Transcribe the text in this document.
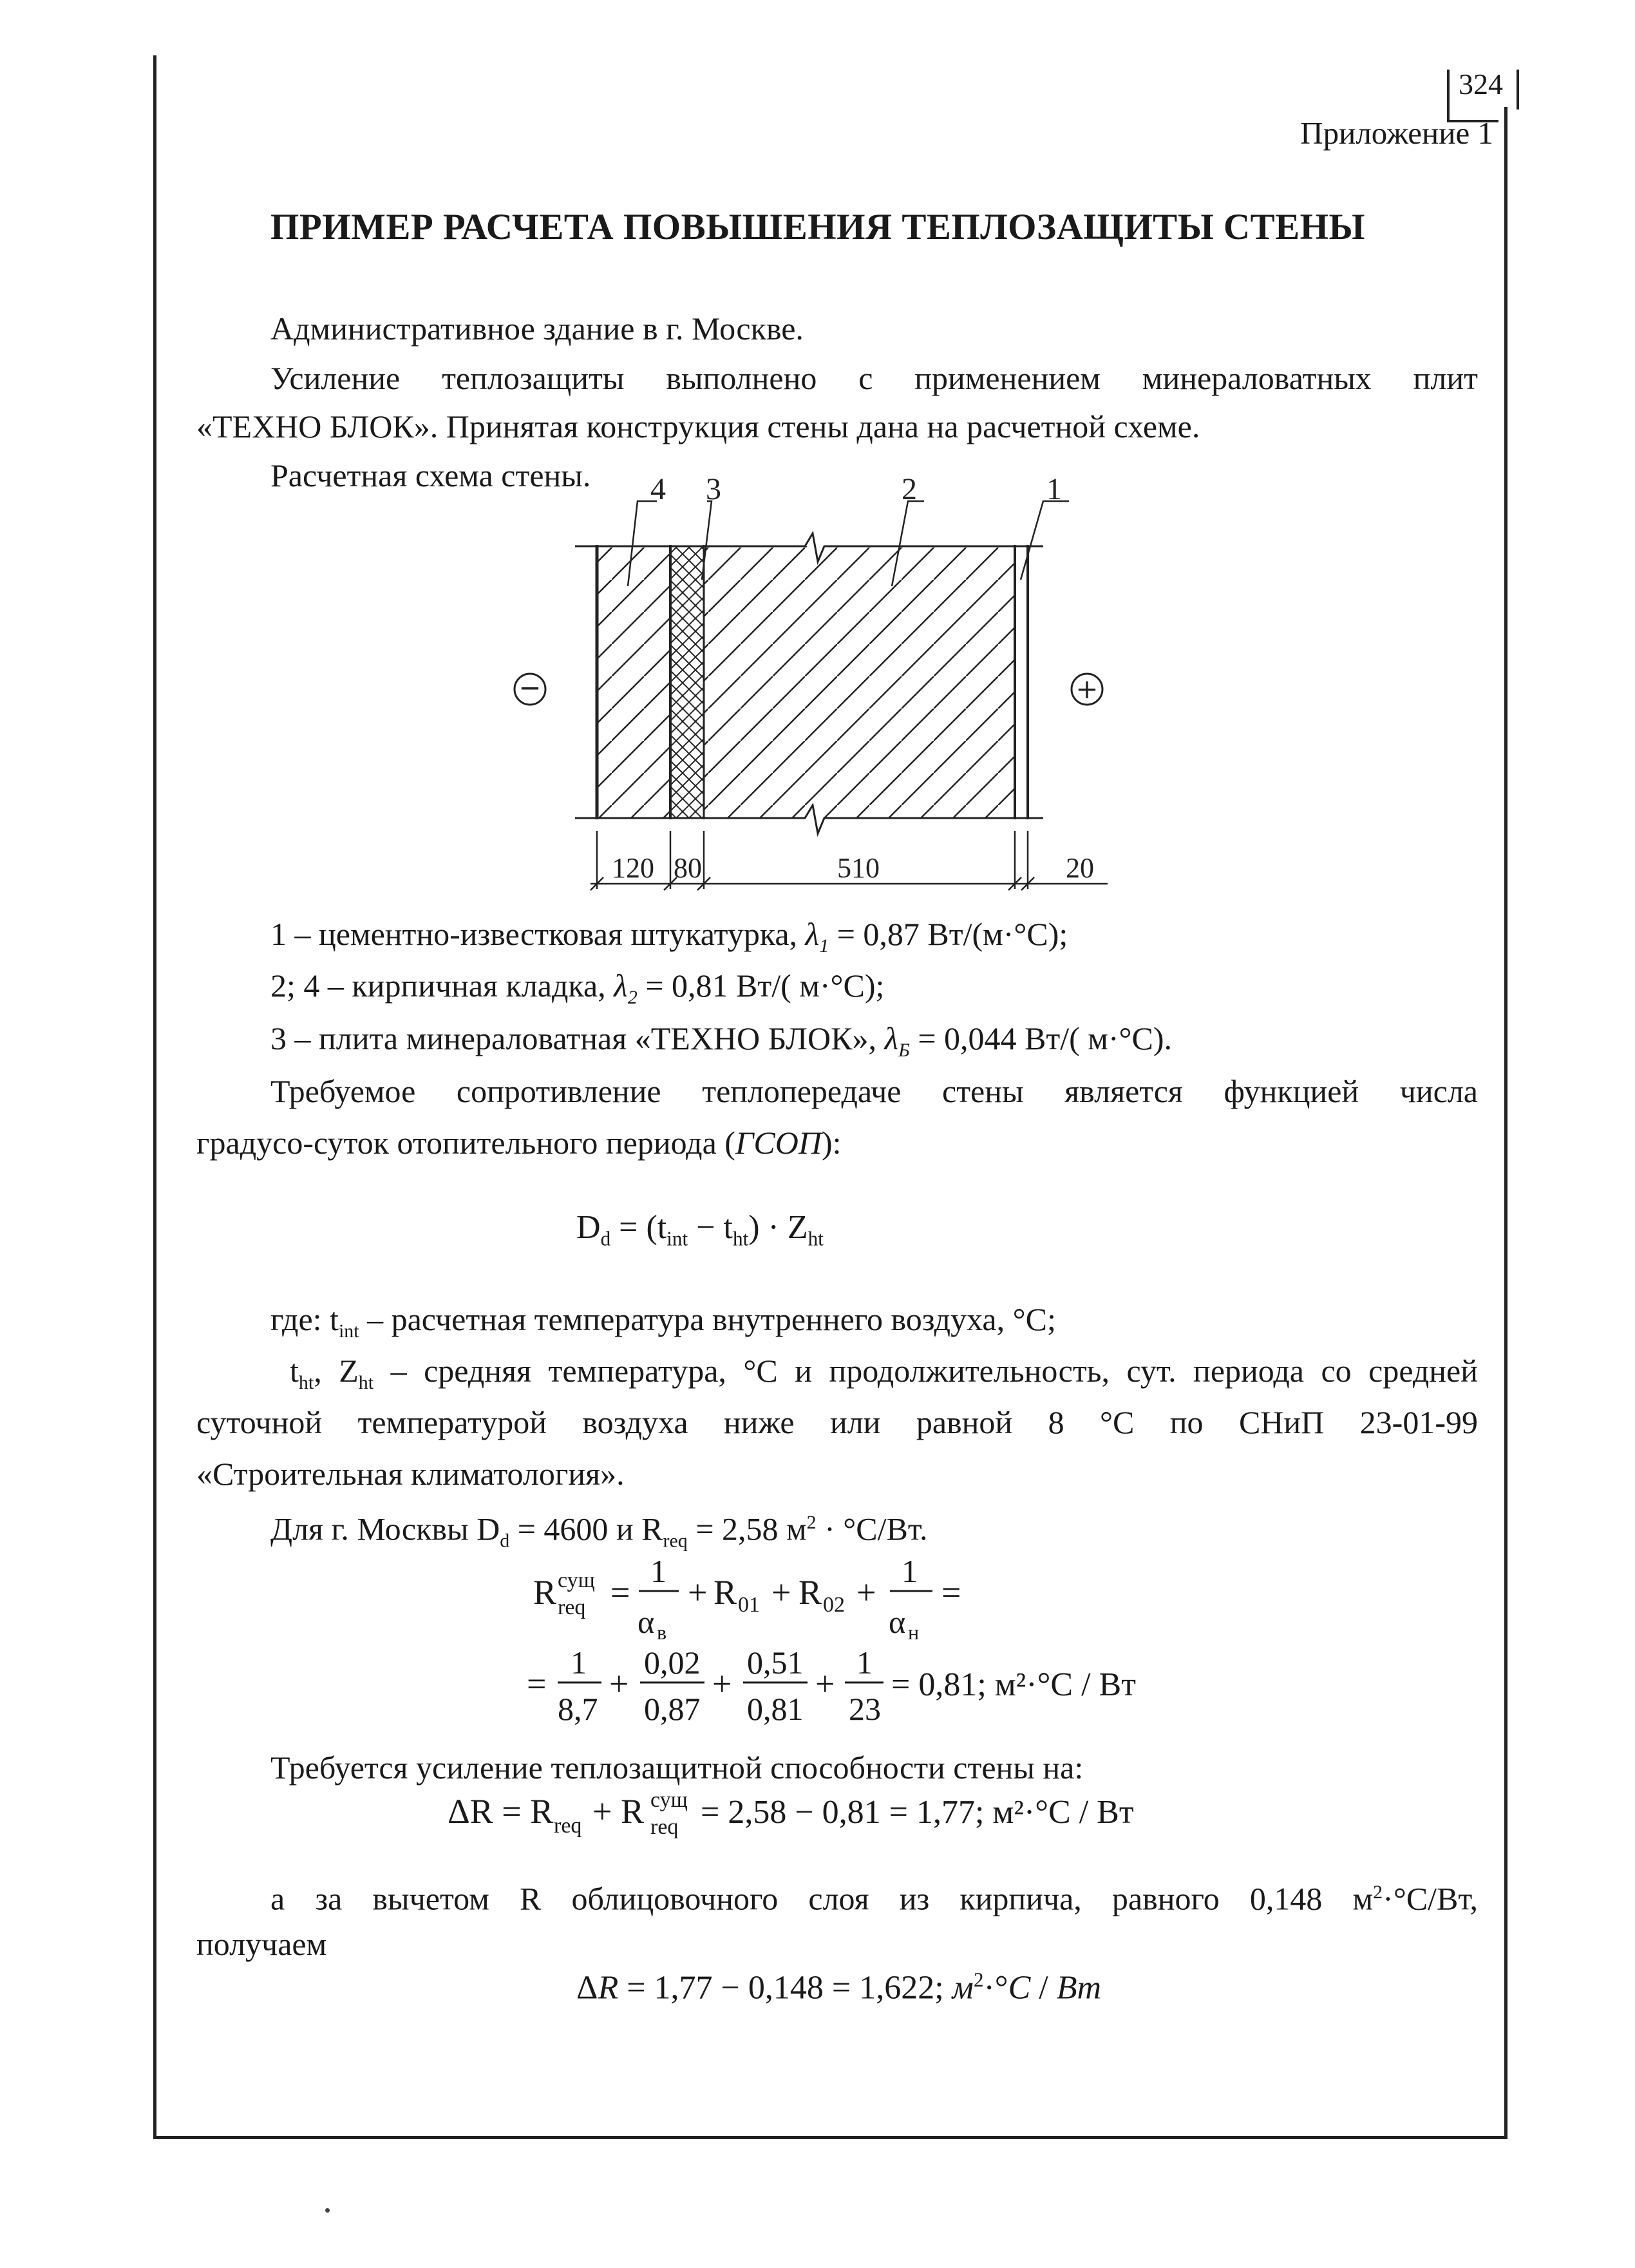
324
Приложение 1
ПРИМЕР РАСЧЕТА ПОВЫШЕНИЯ ТЕПЛОЗАЩИТЫ СТЕНЫ
Административное здание в г. Москве.
Усиление теплозащиты выполнено с применением минераловатных плит
«ТЕХНО БЛОК». Принятая конструкция стены дана на расчетной схеме.
Расчетная схема стены. 4 3	2	1
−	+
120 80	510	20
1 – цементно-известковая штукатурка, $\lambda_1 = 0,87$ Вт/(м·°С);
2; 4 – кирпичная кладка, $\lambda_2 = 0,81$ Вт/( м·°С);
3 – плита минераловатная «ТЕХНО БЛОК», $\lambda_Б = 0,044$ Вт/( м·°С).
Требуемое сопротивление теплопередаче стены является функцией числа
градусо-суток отопительного периода (ГСОП):
$D_d = (t_{int} - t_{ht}) \cdot Z_{ht}$
где: $t_{int}$ – расчетная температура внутреннего воздуха, °С;
$t_{ht}$, $Z_{ht}$ – средняя температура, °С и продолжительность, сут. периода со средней
суточной температурой воздуха ниже или равной 8 °С по СНиП 23-01-99
«Строительная климатология».
Для г. Москвы $D_d = 4600$ и $R_{req} = 2,58$ $м^2 \cdot ^\circ С/Вт$.
R сущ
req =
1
α в
+ R 01 + R 02 +
1
α н
=
=
1
8,7
+
0,02
0,87
+
0,51
0,81
+
1
23
= 0,81; м²·°С / Вт
Требуется усиление теплозащитной способности стены на:
ΔR = R req + R сущ
req = 2,58 − 0,81 = 1,77; м²·°С / Вт
а за вычетом R облицовочного слоя из кирпича, равного 0,148 $м^2\cdot^\circ С/Вт$,
получаем
ΔR = 1,77 − 0,148 = 1,622; $м^2\cdot^\circ C / Bm$
